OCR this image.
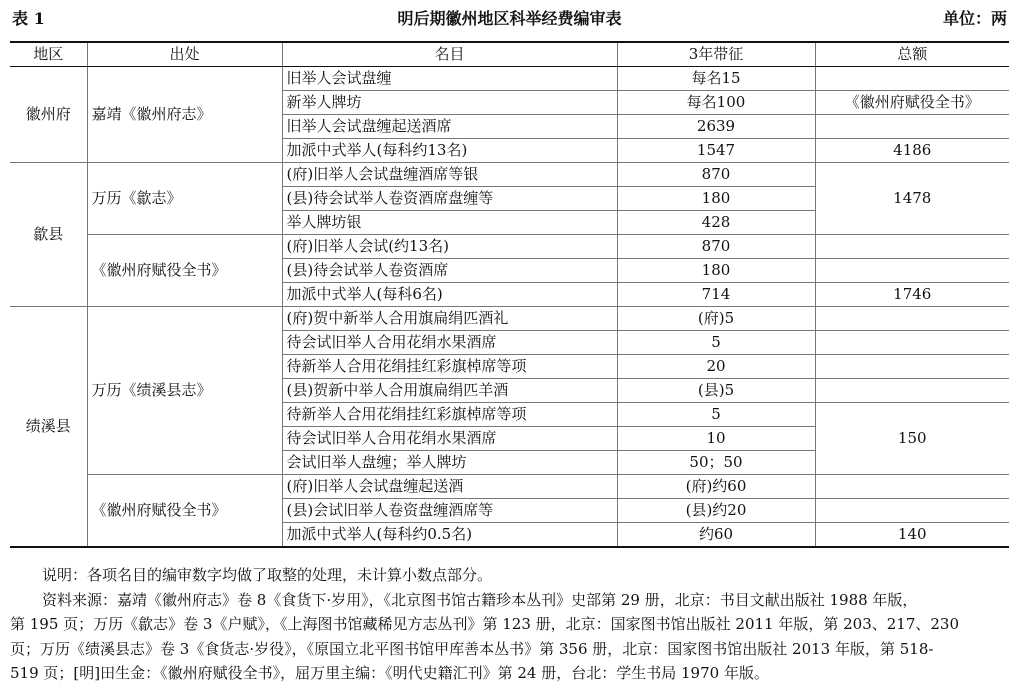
表 1	明后期徽州地区科举经费编审表	单位：两
地区	出处	名目	3年带征	总额
徽州府	嘉靖《徽州府志》	旧举人会试盘缠	每名15	
		新举人牌坊	每名100	《徽州府赋役全书》
		旧举人会试盘缠起送酒席	2639	
		加派中式举人(每科约13名)	1547	4186
歙县	万历《歙志》	(府)旧举人会试盘缠酒席等银	870	1478
		(县)待会试举人卷资酒席盘缠等	180	
		举人牌坊银	428	
	《徽州府赋役全书》	(府)旧举人会试(约13名)	870	
		(县)待会试举人卷资酒席	180	
		加派中式举人(每科6名)	714	1746
绩溪县	万历《绩溪县志》	(府)贺中新举人合用旗扁绢匹酒礼	(府)5	
		待会试旧举人合用花绢水果酒席	5	
		待新举人合用花绢挂红彩旗棹席等项	20	
		(县)贺新中举人合用旗扁绢匹羊酒	(县)5	
		待新举人合用花绢挂红彩旗棹席等项	5	150
		待会试旧举人合用花绢水果酒席	10	
		会试旧举人盘缠；举人牌坊	50；50	
	《徽州府赋役全书》	(府)旧举人会试盘缠起送酒	(府)约60	
		(县)会试旧举人卷资盘缠酒席等	(县)约20	
		加派中式举人(每科约0.5名)	约60	140

说明：各项名目的编审数字均做了取整的处理，未计算小数点部分。

资料来源：嘉靖《徽州府志》卷 8《食货下·岁用》，《北京图书馆古籍珍本丛刊》史部第 29 册，北京：书目文献出版社 1988 年版，

第 195 页；万历《歙志》卷 3《户赋》，《上海图书馆藏稀见方志丛刊》第 123 册，北京：国家图书馆出版社 2011 年版，第 203、217、230

页；万历《绩溪县志》卷 3《食货志·岁役》，《原国立北平图书馆甲库善本丛书》第 356 册，北京：国家图书馆出版社 2013 年版，第 518-

519 页；[明]田生金：《徽州府赋役全书》，屈万里主编：《明代史籍汇刊》第 24 册，台北：学生书局 1970 年版。
